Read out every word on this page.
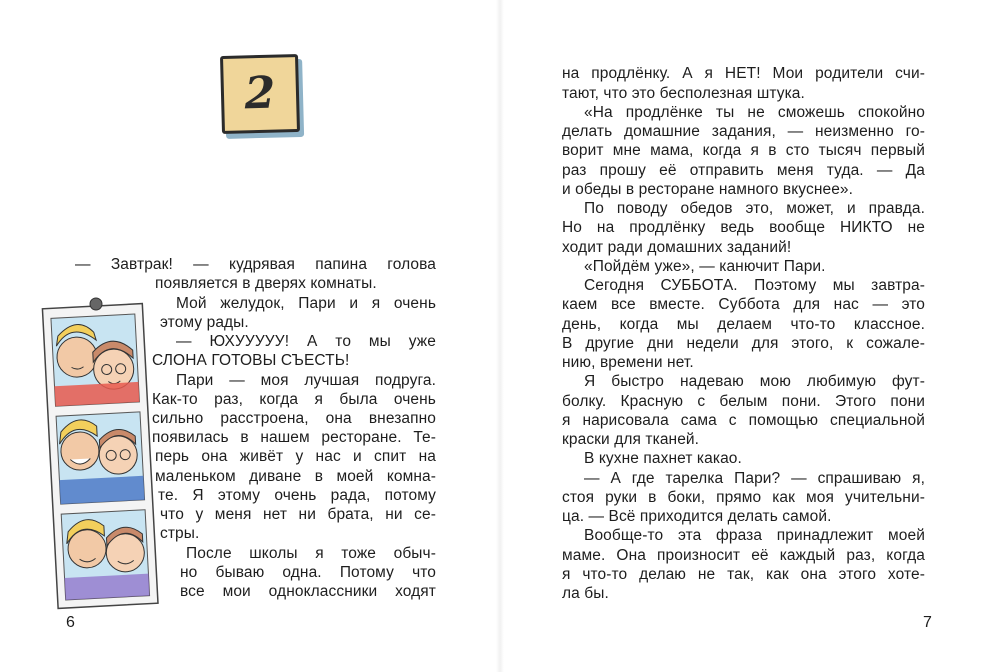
2
— Завтрак! — кудрявая папина голова
появляется в дверях комнаты.
Мой желудок, Пари и я очень
этому рады.
— ЮХУУУУУ! А то мы уже
СЛОНА ГОТОВЫ СЪЕСТЬ!
Пари — моя лучшая подруга.
Как-то раз, когда я была очень
сильно расстроена, она внезапно
появилась в нашем ресторане. Те-
перь она живёт у нас и спит на
маленьком диване в моей комна-
те. Я этому очень рада, потому
что у меня нет ни брата, ни се-
стры.
После школы я тоже обыч-
но бываю одна. Потому что
все мои одноклассники ходят
6
на продлёнку. А я НЕТ! Мои родители счи-
тают, что это бесполезная штука.
«На продлёнке ты не сможешь спокойно
делать домашние задания, — неизменно го-
ворит мне мама, когда я в сто тысяч первый
раз прошу её отправить меня туда. — Да
и обеды в ресторане намного вкуснее».
По поводу обедов это, может, и правда.
Но на продлёнку ведь вообще НИКТО не
ходит ради домашних заданий!
«Пойдём уже», — канючит Пари.
Сегодня СУББОТА. Поэтому мы завтра-
каем все вместе. Суббота для нас — это
день, когда мы делаем что-то классное.
В другие дни недели для этого, к сожале-
нию, времени нет.
Я быстро надеваю мою любимую фут-
болку. Красную с белым пони. Этого пони
я нарисовала сама с помощью специальной
краски для тканей.
В кухне пахнет какао.
— А где тарелка Пари? — спрашиваю я,
стоя руки в боки, прямо как моя учительни-
ца. — Всё приходится делать самой.
Вообще-то эта фраза принадлежит моей
маме. Она произносит её каждый раз, когда
я что-то делаю не так, как она этого хоте-
ла бы.
7
